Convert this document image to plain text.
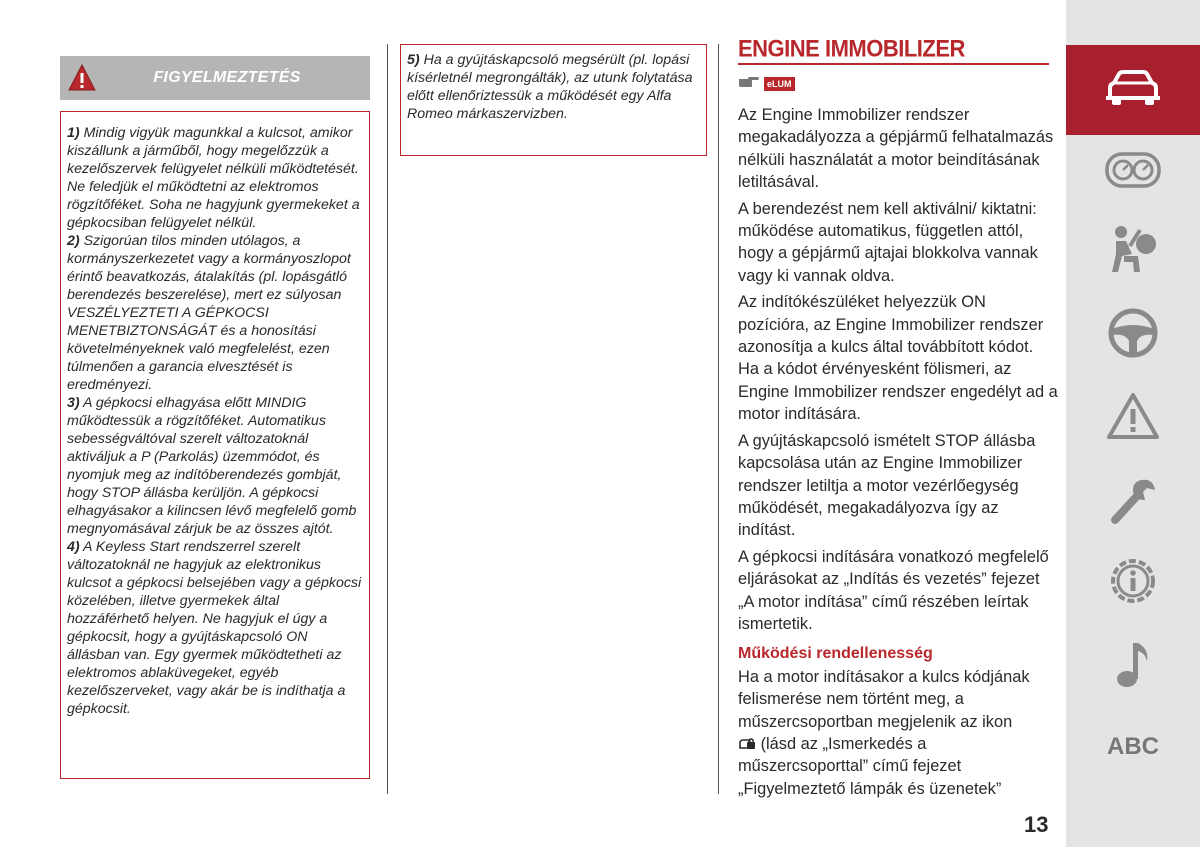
FIGYELMEZTETÉS

1) Mindig vigyük magunkkal a kulcsot, amikor kiszállunk a járműből, hogy megelőzzük a kezelőszervek felügyelet nélküli működtetését. Ne feledjük el működtetni az elektromos rögzítőféket. Soha ne hagyjunk gyermekeket a gépkocsiban felügyelet nélkül.

2) Szigorúan tilos minden utólagos, a kormányszerkezetet vagy a kormányoszlopot érintő beavatkozás, átalakítás (pl. lopásgátló berendezés beszerelése), mert ez súlyosan VESZÉLYEZTETI A GÉPKOCSI MENETBIZTONSÁGÁT és a honosítási követelményeknek való megfelelést, ezen túlmenően a garancia elvesztését is eredményezi.

3) A gépkocsi elhagyása előtt MINDIG működtessük a rögzítőféket. Automatikus sebességváltóval szerelt változatoknál aktiváljuk a P (Parkolás) üzemmódot, és nyomjuk meg az indítóberendezés gombját, hogy STOP állásba kerüljön. A gépkocsi elhagyásakor a kilincsen lévő megfelelő gomb megnyomásával zárjuk be az összes ajtót.

4) A Keyless Start rendszerrel szerelt változatoknál ne hagyjuk az elektronikus kulcsot a gépkocsi belsejében vagy a gépkocsi közelében, illetve gyermekek által hozzáférhető helyen. Ne hagyjuk el úgy a gépkocsit, hogy a gyújtáskapcsoló ON állásban van. Egy gyermek működtetheti az elektromos ablaküvegeket, egyéb kezelőszerveket, vagy akár be is indíthatja a gépkocsit.

5) Ha a gyújtáskapcsoló megsérült (pl. lopási kísérletnél megrongálták), az utunk folytatása előtt ellenőriztessük a működését egy Alfa Romeo márkaszervizben.

ENGINE IMMOBILIZER
eLUM

Az Engine Immobilizer rendszer megakadályozza a gépjármű felhatalmazás nélküli használatát a motor beindításának letiltásával.

A berendezést nem kell aktiválni/ kiktatni: működése automatikus, független attól, hogy a gépjármű ajtajai blokkolva vannak vagy ki vannak oldva.

Az indítókészüléket helyezzük ON pozícióra, az Engine Immobilizer rendszer azonosítja a kulcs által továbbított kódot. Ha a kódot érvényesként fölismeri, az Engine Immobilizer rendszer engedélyt ad a motor indítására.

A gyújtáskapcsoló ismételt STOP állásba kapcsolása után az Engine Immobilizer rendszer letiltja a motor vezérlőegység működését, megakadályozva így az indítást.

A gépkocsi indítására vonatkozó megfelelő eljárásokat az „Indítás és vezetés” fejezet „A motor indítása” című részében leírtak ismertetik.

Működési rendellenesség

Ha a motor indításakor a kulcs kódjának felismerése nem történt meg, a műszercsoportban megjelenik az ikon
(lásd az „Ismerkedés a műszercsoporttal” című fejezet „Figyelmeztető lámpák és üzenetek”

13
ABC
